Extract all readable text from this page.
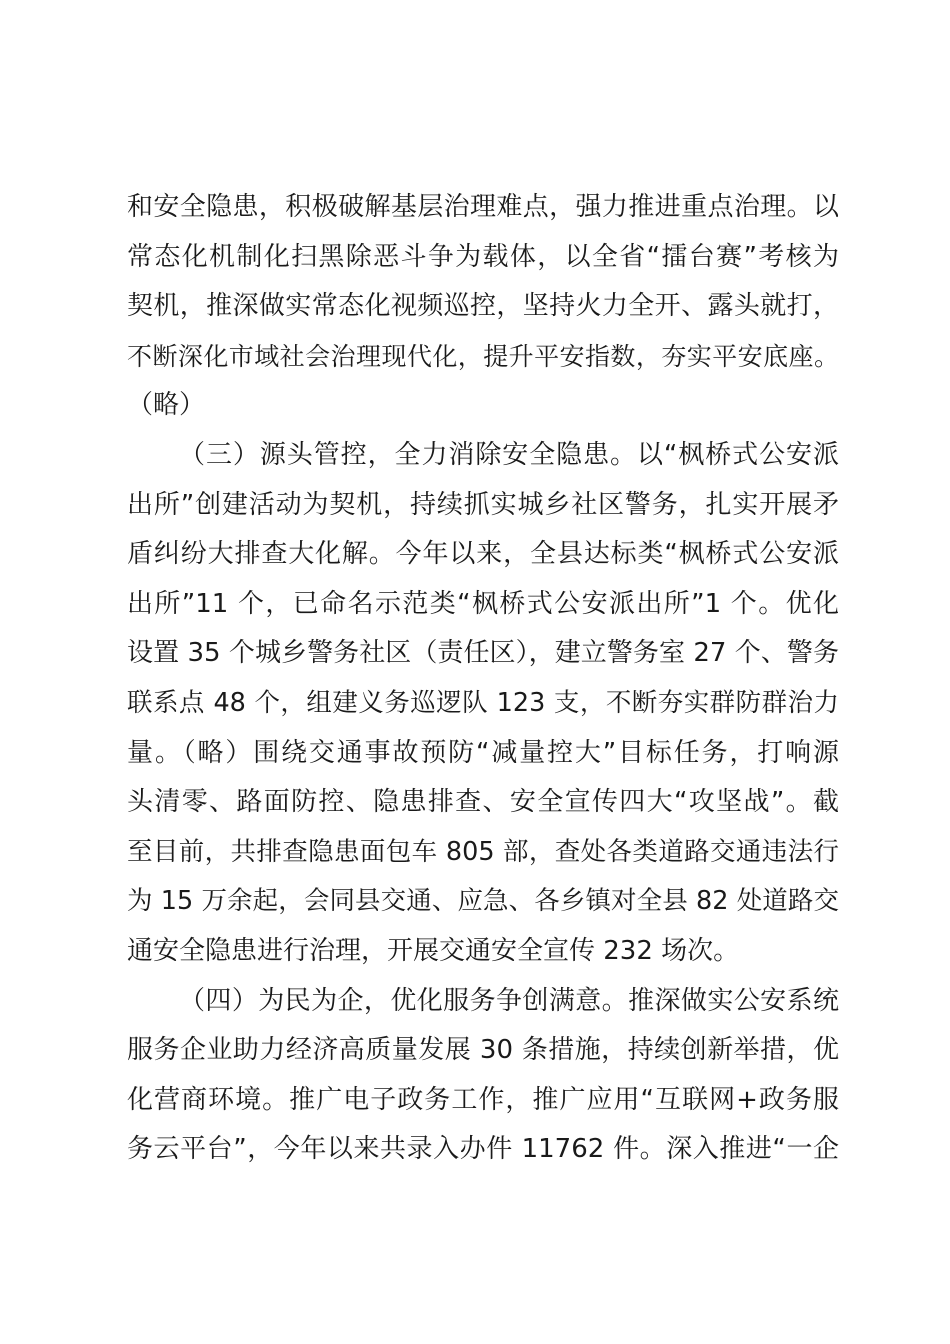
和安全隐患，积极破解基层治理难点，强力推进重点治理。以
常态化机制化扫黑除恶斗争为载体，以全省“擂台赛”考核为
契机，推深做实常态化视频巡控，坚持火力全开、露头就打，
不断深化市域社会治理现代化，提升平安指数，夯实平安底座。
（略）
（三）源头管控，全力消除安全隐患。以“枫桥式公安派
出所”创建活动为契机，持续抓实城乡社区警务，扎实开展矛
盾纠纷大排查大化解。今年以来，全县达标类“枫桥式公安派
出所”11 个，已命名示范类“枫桥式公安派出所”1 个。优化
设置 35 个城乡警务社区（责任区），建立警务室 27 个、警务
联系点 48 个，组建义务巡逻队 123 支，不断夯实群防群治力
量。（略）围绕交通事故预防“减量控大”目标任务，打响源
头清零、路面防控、隐患排查、安全宣传四大“攻坚战”。截
至目前，共排查隐患面包车 805 部，查处各类道路交通违法行
为 15 万余起，会同县交通、应急、各乡镇对全县 82 处道路交
通安全隐患进行治理，开展交通安全宣传 232 场次。
（四）为民为企，优化服务争创满意。推深做实公安系统
服务企业助力经济高质量发展 30 条措施，持续创新举措，优
化营商环境。推广电子政务工作，推广应用“互联网+政务服
务云平台”，今年以来共录入办件 11762 件。深入推进“一企
